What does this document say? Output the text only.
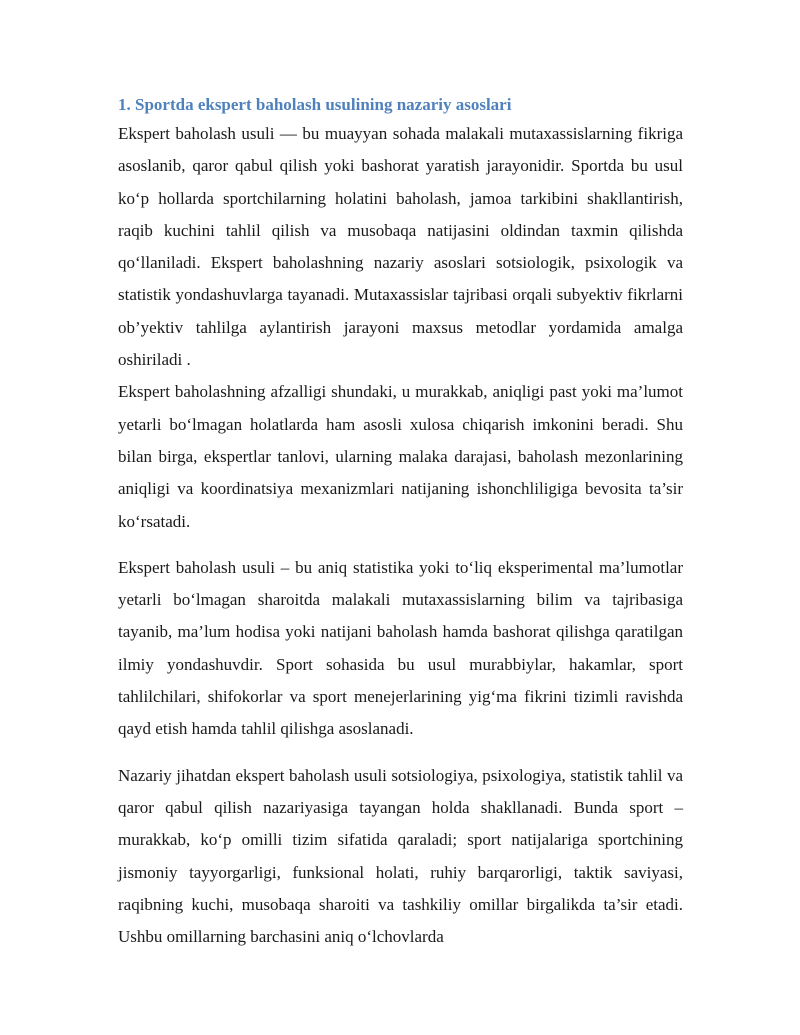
1. Sportda ekspert baholash usulining nazariy asoslari

Ekspert baholash usuli — bu muayyan sohada malakali mutaxassislarning fikriga asoslanib, qaror qabul qilish yoki bashorat yaratish jarayonidir. Sportda bu usul ko‘p hollarda sportchilarning holatini baholash, jamoa tarkibini shakllantirish, raqib kuchini tahlil qilish va musobaqa natijasini oldindan taxmin qilishda qo‘llaniladi. Ekspert baholashning nazariy asoslari sotsiologik, psixologik va statistik yondashuvlarga tayanadi. Mutaxassislar tajribasi orqali subyektiv fikrlarni ob’yektiv tahlilga aylantirish jarayoni maxsus metodlar yordamida amalga oshiriladi .

Ekspert baholashning afzalligi shundaki, u murakkab, aniqligi past yoki ma’lumot yetarli bo‘lmagan holatlarda ham asosli xulosa chiqarish imkonini beradi. Shu bilan birga, ekspertlar tanlovi, ularning malaka darajasi, baholash mezonlarining aniqligi va koordinatsiya mexanizmlari natijaning ishonchliligiga bevosita ta’sir ko‘rsatadi.

Ekspert baholash usuli – bu aniq statistika yoki to‘liq eksperimental ma’lumotlar yetarli bo‘lmagan sharoitda malakali mutaxassislarning bilim va tajribasiga tayanib, ma’lum hodisa yoki natijani baholash hamda bashorat qilishga qaratilgan ilmiy yondashuvdir. Sport sohasida bu usul murabbiylar, hakamlar, sport tahlilchilari, shifokorlar va sport menejerlarining yig‘ma fikrini tizimli ravishda qayd etish hamda tahlil qilishga asoslanadi.

Nazariy jihatdan ekspert baholash usuli sotsiologiya, psixologiya, statistik tahlil va qaror qabul qilish nazariyasiga tayangan holda shakllanadi. Bunda sport – murakkab, ko‘p omilli tizim sifatida qaraladi; sport natijalariga sportchining jismoniy tayyorgarligi, funksional holati, ruhiy barqarorligi, taktik saviyasi, raqibning kuchi, musobaqa sharoiti va tashkiliy omillar birgalikda ta’sir etadi. Ushbu omillarning barchasini aniq o‘lchovlarda
